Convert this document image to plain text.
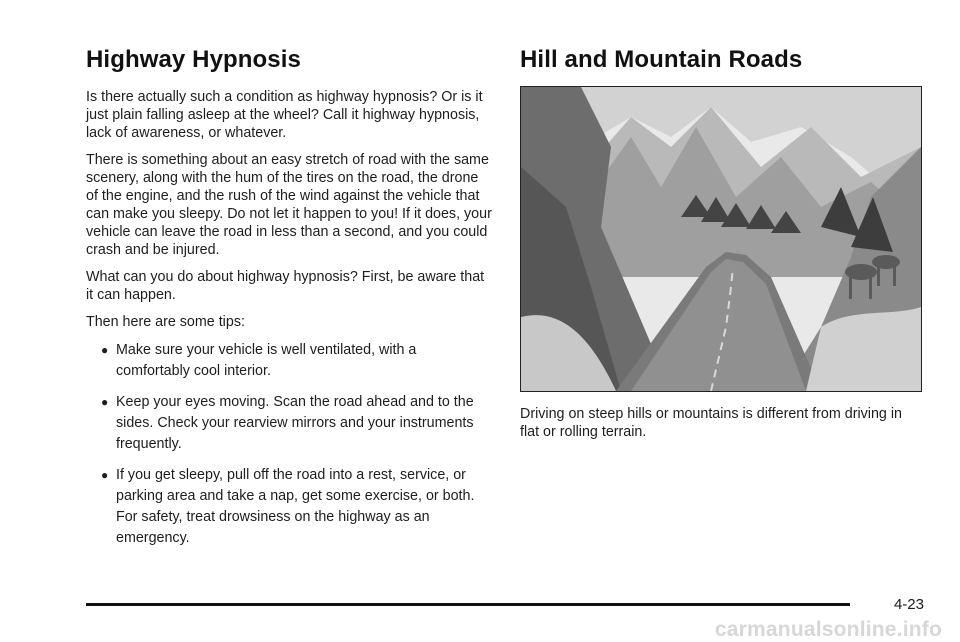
Highway Hypnosis

Is there actually such a condition as highway hypnosis? Or is it just plain falling asleep at the wheel? Call it highway hypnosis, lack of awareness, or whatever.

There is something about an easy stretch of road with the same scenery, along with the hum of the tires on the road, the drone of the engine, and the rush of the wind against the vehicle that can make you sleepy. Do not let it happen to you! If it does, your vehicle can leave the road in less than a second, and you could crash and be injured.

What can you do about highway hypnosis? First, be aware that it can happen.

Then here are some tips:

● Make sure your vehicle is well ventilated, with a comfortably cool interior.
● Keep your eyes moving. Scan the road ahead and to the sides. Check your rearview mirrors and your instruments frequently.
● If you get sleepy, pull off the road into a rest, service, or parking area and take a nap, get some exercise, or both. For safety, treat drowsiness on the highway as an emergency.
Hill and Mountain Roads

Driving on steep hills or mountains is different from driving in flat or rolling terrain.

4-23
carmanualsonline.info
